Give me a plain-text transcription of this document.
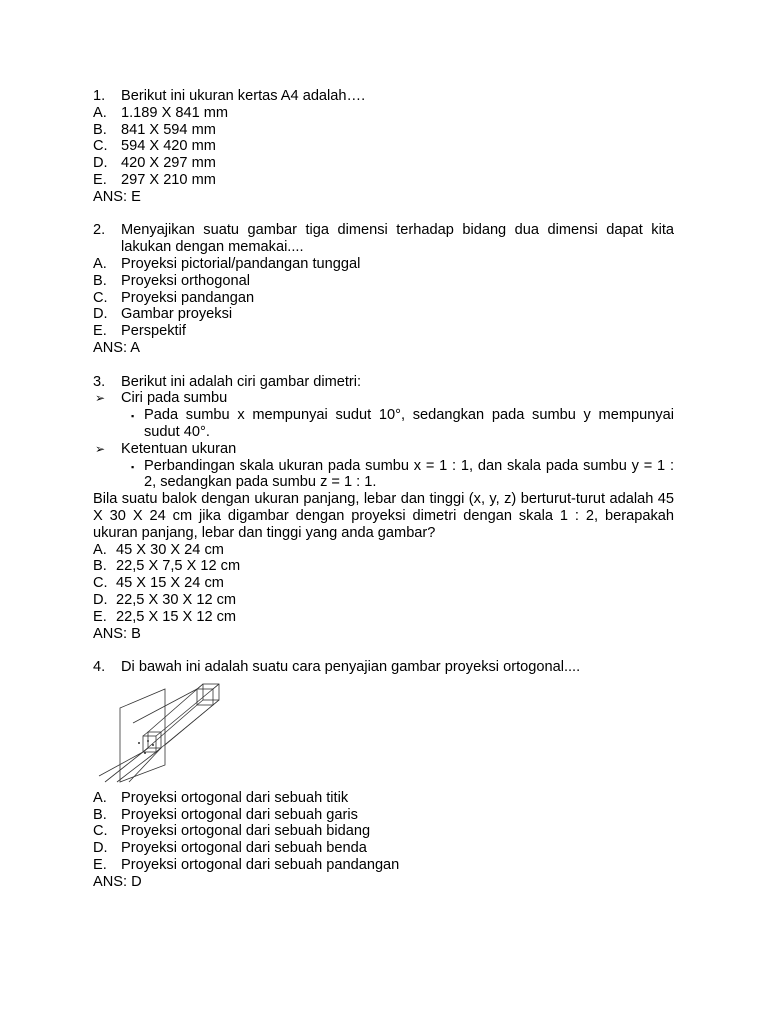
1.	Berikut ini ukuran kertas A4 adalah….
A. 1.189 X 841 mm
B. 841 X 594 mm
C. 594 X 420 mm
D. 420 X 297 mm
E. 297 X 210 mm
ANS: E
2.	Menyajikan suatu gambar tiga dimensi terhadap bidang dua dimensi dapat kita lakukan dengan memakai....
A. Proyeksi pictorial/pandangan tunggal
B. Proyeksi orthogonal
C. Proyeksi pandangan
D. Gambar proyeksi
E. Perspektif
ANS: A
3.	Berikut ini adalah ciri gambar dimetri:
➢	Ciri pada sumbu
▪ Pada sumbu x mempunyai sudut 10°, sedangkan pada sumbu y mempunyai sudut 40°.
➢	Ketentuan ukuran
▪ Perbandingan skala ukuran pada sumbu x = 1 : 1, dan skala pada sumbu y = 1 : 2, sedangkan pada sumbu z = 1 : 1.
Bila suatu balok dengan ukuran panjang, lebar dan tinggi (x, y, z) berturut-turut adalah 45 X 30 X 24 cm jika digambar dengan proyeksi dimetri dengan skala 1 : 2, berapakah ukuran panjang, lebar dan tinggi yang anda gambar?
A. 45 X 30 X 24 cm
B. 22,5 X 7,5 X 12 cm
C. 45 X 15 X 24 cm
D. 22,5 X 30 X 12 cm
E. 22,5 X 15 X 12 cm
ANS: B
4.	Di bawah ini adalah suatu cara penyajian gambar proyeksi ortogonal....
A. Proyeksi ortogonal dari sebuah titik
B. Proyeksi ortogonal dari sebuah garis
C. Proyeksi ortogonal dari sebuah bidang
D. Proyeksi ortogonal dari sebuah benda
E. Proyeksi ortogonal dari sebuah pandangan
ANS: D
